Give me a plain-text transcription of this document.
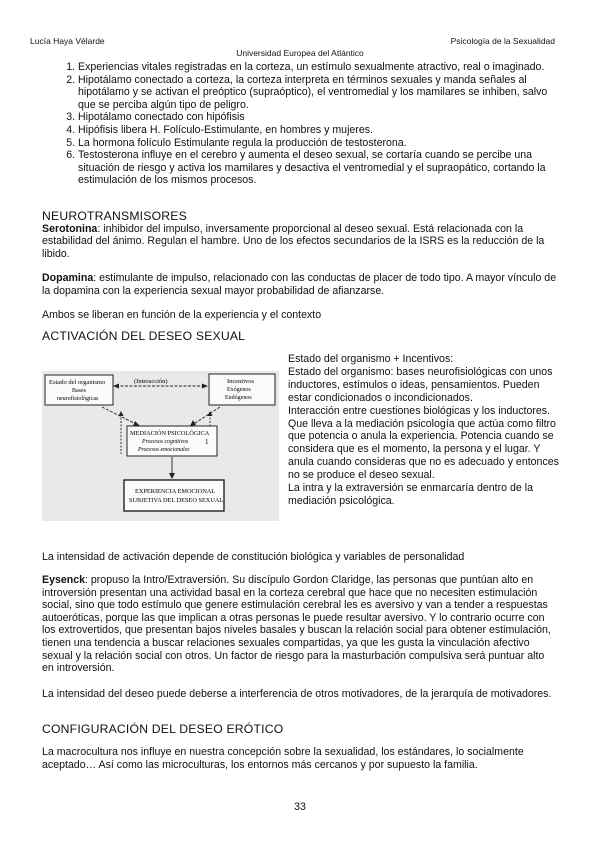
Lucía Haya Vélarde	Psicología de la Sexualidad
Universidad Europea del Atlántico
1. Experiencias vitales registradas en la corteza, un estímulo sexualmente atractivo, real o imaginado.
2. Hipotálamo conectado a corteza, la corteza interpreta en términos sexuales y manda señales al hipotálamo y se activan el preóptico (supraóptico), el ventromedial y los mamilares se inhiben, salvo que se perciba algún tipo de peligro.
3. Hipotálamo conectado con hipófisis
4. Hipófisis libera H. Folículo-Estimulante, en hombres y mujeres.
5. La hormona folículo Estimulante regula la producción de testosterona.
6. Testosterona influye en el cerebro y aumenta el deseo sexual, se cortaría cuando se percibe una situación de riesgo y activa los mamilares y desactiva el ventromedial y el supraopático, cortando la estimulación de los mismos procesos.

NEUROTRANSMISORES

Serotonina: inhibidor del impulso, inversamente proporcional al deseo sexual. Está relacionada con la estabilidad del ánimo. Regulan el hambre. Uno de los efectos secundarios de la ISRS es la reducción de la libido.

Dopamina: estimulante de impulso, relacionado con las conductas de placer de todo tipo. A mayor vínculo de la dopamina con la experiencia sexual mayor probabilidad de afianzarse.

Ambos se liberan en función de la experiencia y el contexto

ACTIVACIÓN DEL DESEO SEXUAL

Estado del organismo
Bases
neurofisiológicas
Incentivos
Exógenos
Endógenos
(Interacción)
MEDIACIÓN PSICOLÓGICA
Procesos cognitivos
Procesos emocionales
1
EXPERIENCIA EMOCIONAL
SUBJETIVA DEL DESEO SEXUAL

Estado del organismo + Incentivos:

Estado del organismo: bases neurofisiológicas con unos inductores, estímulos o ideas, pensamientos. Pueden estar condicionados o incondicionados.

Interacción entre cuestiones biológicas y los inductores.

Que lleva a la mediación psicología que actúa como filtro que potencia o anula la experiencia. Potencia cuando se considera que es el momento, la persona y el lugar. Y anula cuando consideras que no es adecuado y entonces no se produce el deseo sexual.

La intra y la extraversión se enmarcaría dentro de la mediación psicológica.

La intensidad de activación depende de constitución biológica y variables de personalidad

Eysenck: propuso la Intro/Extraversión. Su discípulo Gordon Claridge, las personas que puntúan alto en introversión presentan una actividad basal en la corteza cerebral que hace que no necesiten estimulación social, sino que todo estímulo que genere estimulación cerebral les es aversivo y van a tender a respuestas autoeróticas, porque las que implican a otras personas le puede resultar aversivo. Y lo contrario ocurre con los extrovertidos, que presentan bajos niveles basales y buscan la relación social para obtener estimulación, tienen una tendencia a buscar relaciones sexuales compartidas, ya que les gusta la vinculación afectivo sexual y la relación social con otros. Un factor de riesgo para la masturbación compulsiva será puntuar alto en introversión.

La intensidad del deseo puede deberse a interferencia de otros motivadores, de la jerarquía de motivadores.

CONFIGURACIÓN DEL DESEO ERÓTICO

La macrocultura nos influye en nuestra concepción sobre la sexualidad, los estándares, lo socialmente aceptado… Así como las microculturas, los entornos más cercanos y por supuesto la familia.

33
